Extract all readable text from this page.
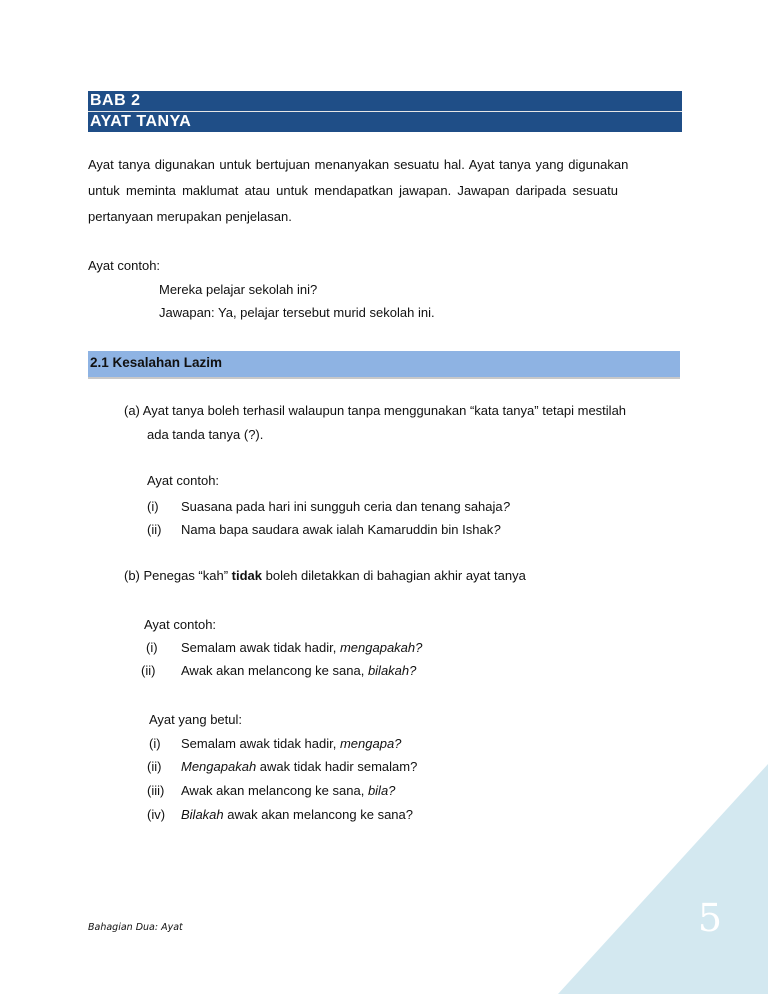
BAB 2
AYAT TANYA
Ayat tanya digunakan untuk bertujuan menanyakan sesuatu hal. Ayat tanya yang digunakan
untuk meminta maklumat atau untuk mendapatkan jawapan. Jawapan daripada sesuatu
pertanyaan merupakan penjelasan.
Ayat contoh:
Mereka pelajar sekolah ini?
Jawapan: Ya, pelajar tersebut murid sekolah ini.
2.1 Kesalahan Lazim
(a) Ayat tanya boleh terhasil walaupun tanpa menggunakan “kata tanya” tetapi mestilah
ada tanda tanya (?).
Ayat contoh:
(i) Suasana pada hari ini sungguh ceria dan tenang sahaja?
(ii) Nama bapa saudara awak ialah Kamaruddin bin Ishak?
(b) Penegas “kah” tidak boleh diletakkan di bahagian akhir ayat tanya
Ayat contoh:
(i) Semalam awak tidak hadir, mengapakah?
(ii) Awak akan melancong ke sana, bilakah?
Ayat yang betul:
(i) Semalam awak tidak hadir, mengapa?
(ii) Mengapakah awak tidak hadir semalam?
(iii) Awak akan melancong ke sana, bila?
(iv) Bilakah awak akan melancong ke sana?
Bahagian Dua: Ayat	5
